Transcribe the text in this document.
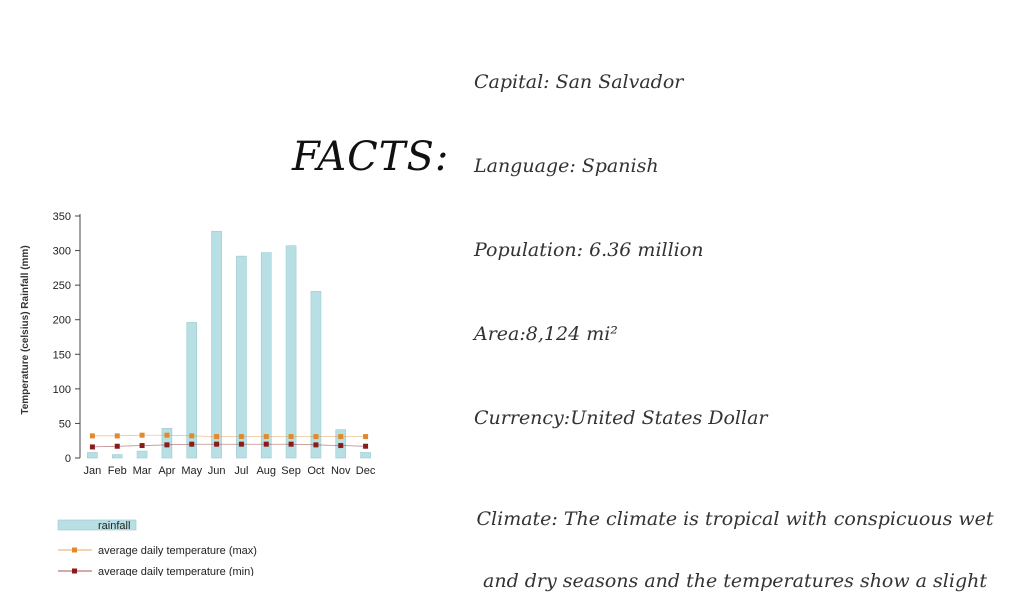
FACTS:
Capital: San Salvador
Language: Spanish
Population: 6.36 million
Area:8,124 mi²
Currency:United States Dollar
Climate: The climate is tropical with conspicuous wet
and dry seasons and the temperatures show a slight
Temperature (celsius) Rainfall (mm)
0
50
100
150
200
250
300
350
Jan Feb Mar Apr May Jun Jul Aug Sep Oct Nov Dec
rainfall
average daily temperature (max)
average daily temperature (min)
